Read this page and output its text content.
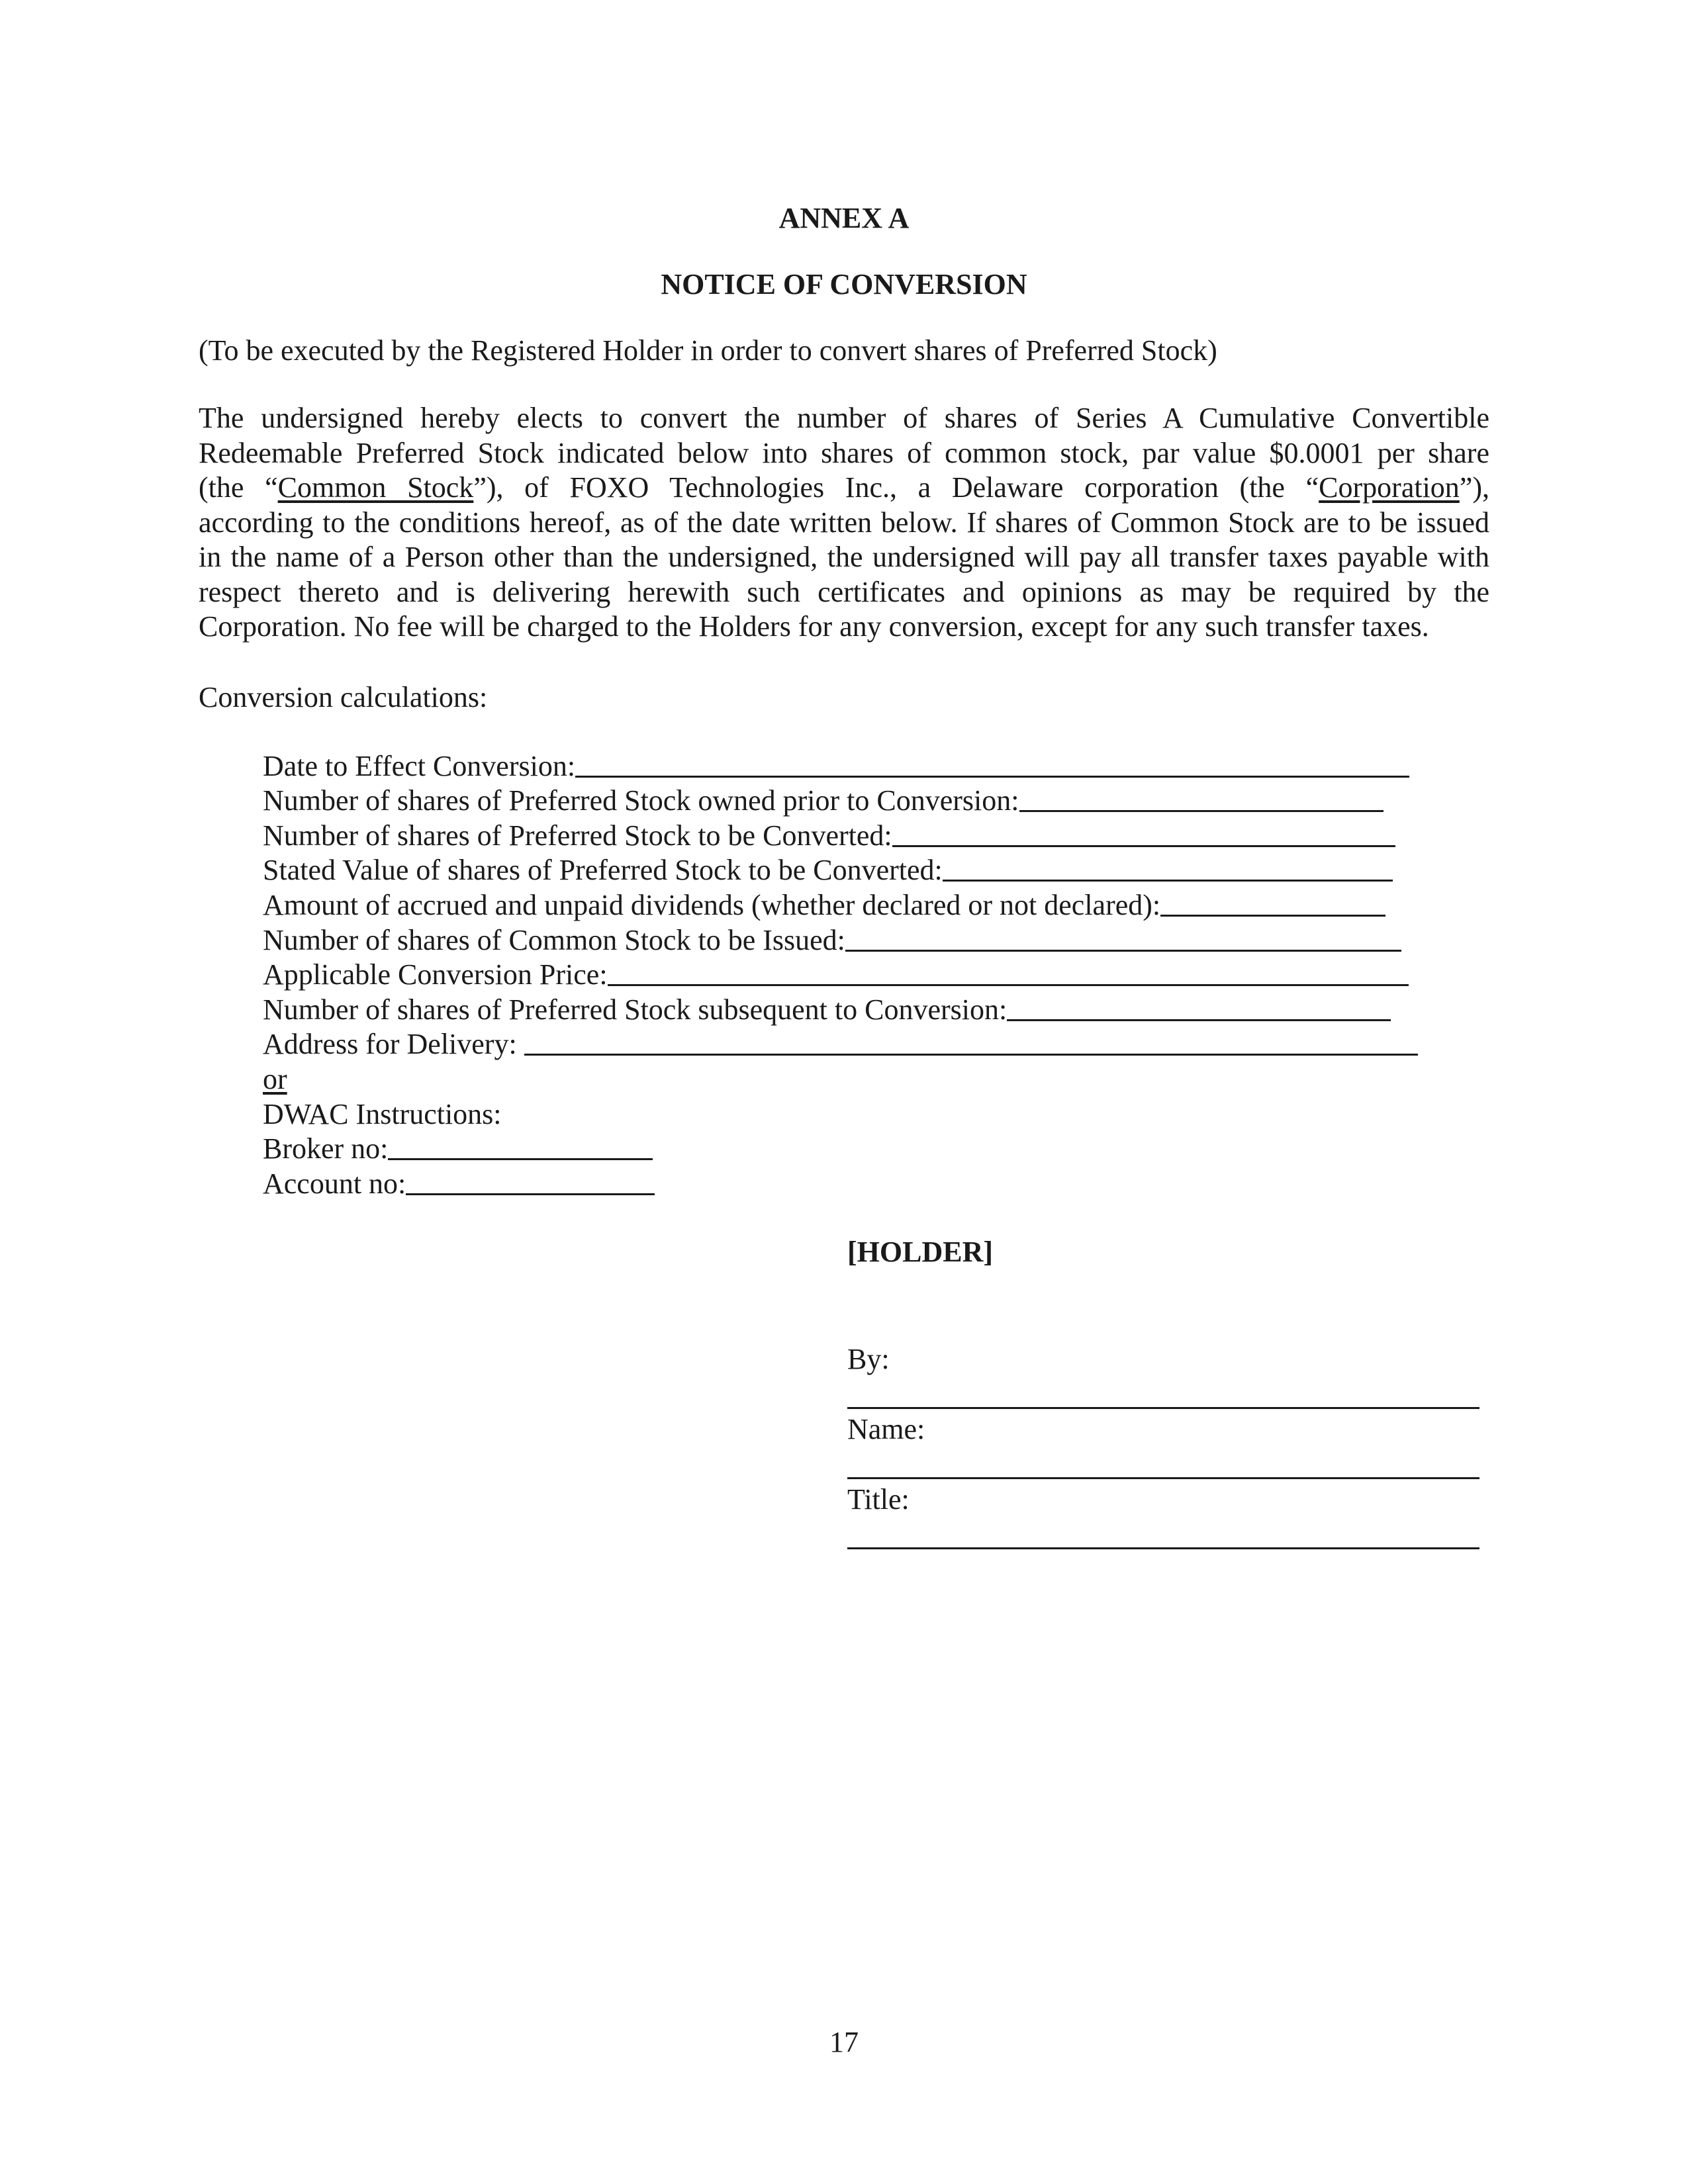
ANNEX A
NOTICE OF CONVERSION
(To be executed by the Registered Holder in order to convert shares of Preferred Stock)
The undersigned hereby elects to convert the number of shares of Series A Cumulative Convertible
Redeemable Preferred Stock indicated below into shares of common stock, par value $0.0001 per share
(the “Common Stock”), of FOXO Technologies Inc., a Delaware corporation (the “Corporation”),
according to the conditions hereof, as of the date written below. If shares of Common Stock are to be issued
in the name of a Person other than the undersigned, the undersigned will pay all transfer taxes payable with
respect thereto and is delivering herewith such certificates and opinions as may be required by the
Corporation. No fee will be charged to the Holders for any conversion, except for any such transfer taxes.
Conversion calculations:
Date to Effect Conversion:
Number of shares of Preferred Stock owned prior to Conversion:
Number of shares of Preferred Stock to be Converted:
Stated Value of shares of Preferred Stock to be Converted:
Amount of accrued and unpaid dividends (whether declared or not declared):
Number of shares of Common Stock to be Issued:
Applicable Conversion Price:
Number of shares of Preferred Stock subsequent to Conversion:
Address for Delivery:
or
DWAC Instructions:
Broker no:
Account no:
[HOLDER]
By:
Name:
Title:
17
